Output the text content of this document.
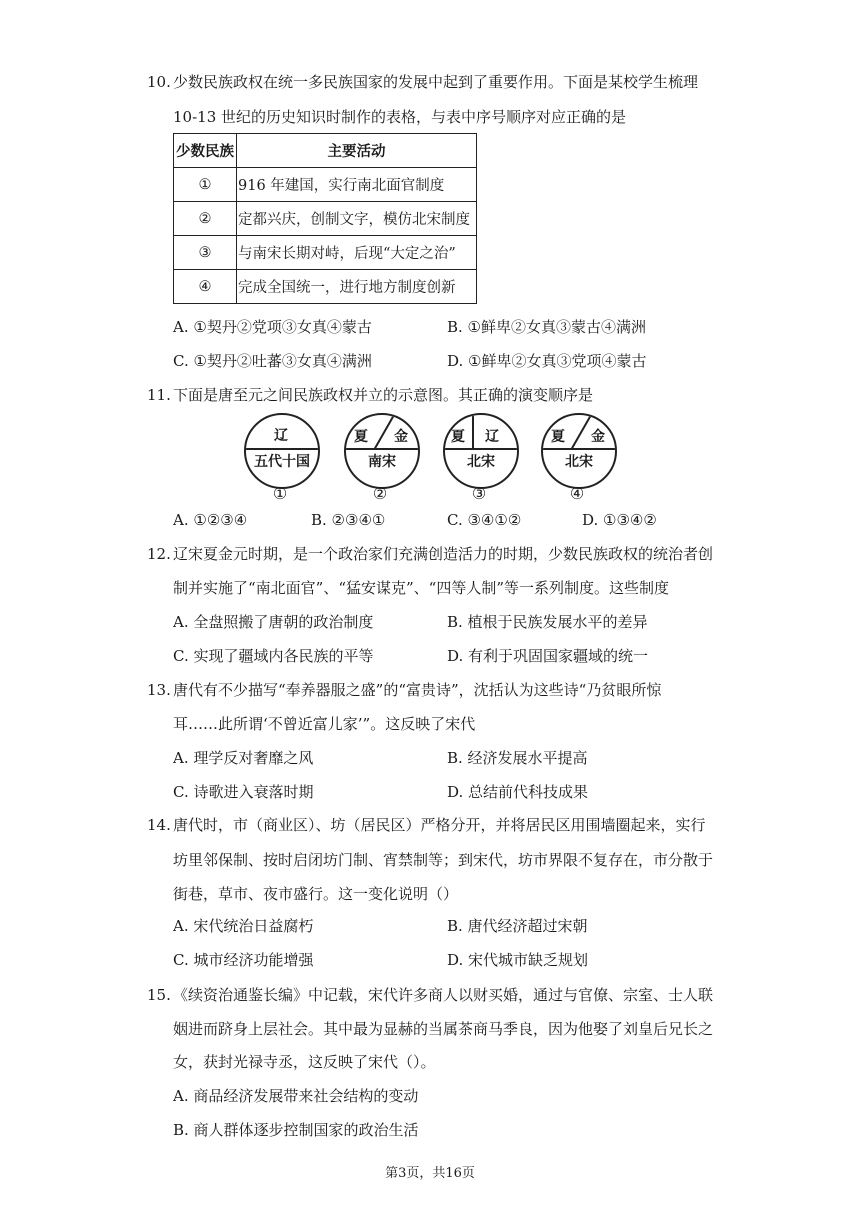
10. 少数民族政权在统一多民族国家的发展中起到了重要作用。下面是某校学生梳理
10-13 世纪的历史知识时制作的表格，与表中序号顺序对应正确的是
少数民族	主要活动
①	916 年建国，实行南北面官制度
②	定都兴庆，创制文字，模仿北宋制度
③	与南宋长期对峙，后现“大定之治”
④	完成全国统一，进行地方制度创新
A. ①契丹②党项③女真④蒙古	B. ①鲜卑②女真③蒙古④满洲
C. ①契丹②吐蕃③女真④满洲	D. ①鲜卑②女真③党项④蒙古
11. 下面是唐至元之间民族政权并立的示意图。其正确的演变顺序是
辽
五代十国
①
夏 金
南宋
②
夏 辽
北宋
③
夏 金
北宋
④
A. ①②③④	B. ②③④①	C. ③④①②	D. ①③④②
12. 辽宋夏金元时期，是一个政治家们充满创造活力的时期，少数民族政权的统治者创
制并实施了“南北面官”、“猛安谋克”、“四等人制”等一系列制度。这些制度
A. 全盘照搬了唐朝的政治制度	B. 植根于民族发展水平的差异
C. 实现了疆域内各民族的平等	D. 有利于巩固国家疆域的统一
13. 唐代有不少描写“奉养器服之盛”的“富贵诗”，沈括认为这些诗“乃贫眼所惊
耳……此所谓‘不曾近富儿家’”。这反映了宋代
A. 理学反对奢靡之风	B. 经济发展水平提高
C. 诗歌进入衰落时期	D. 总结前代科技成果
14. 唐代时，市（商业区）、坊（居民区）严格分开，并将居民区用围墙圈起来，实行
坊里邻保制、按时启闭坊门制、宵禁制等；到宋代，坊市界限不复存在，市分散于
街巷，草市、夜市盛行。这一变化说明（）
A. 宋代统治日益腐朽	B. 唐代经济超过宋朝
C. 城市经济功能增强	D. 宋代城市缺乏规划
15. 《续资治通鉴长编》中记载，宋代许多商人以财买婚，通过与官僚、宗室、士人联
姻进而跻身上层社会。其中最为显赫的当属茶商马季良，因为他娶了刘皇后兄长之
女，获封光禄寺丞，这反映了宋代（）。
A. 商品经济发展带来社会结构的变动
B. 商人群体逐步控制国家的政治生活
第3页，共16页
